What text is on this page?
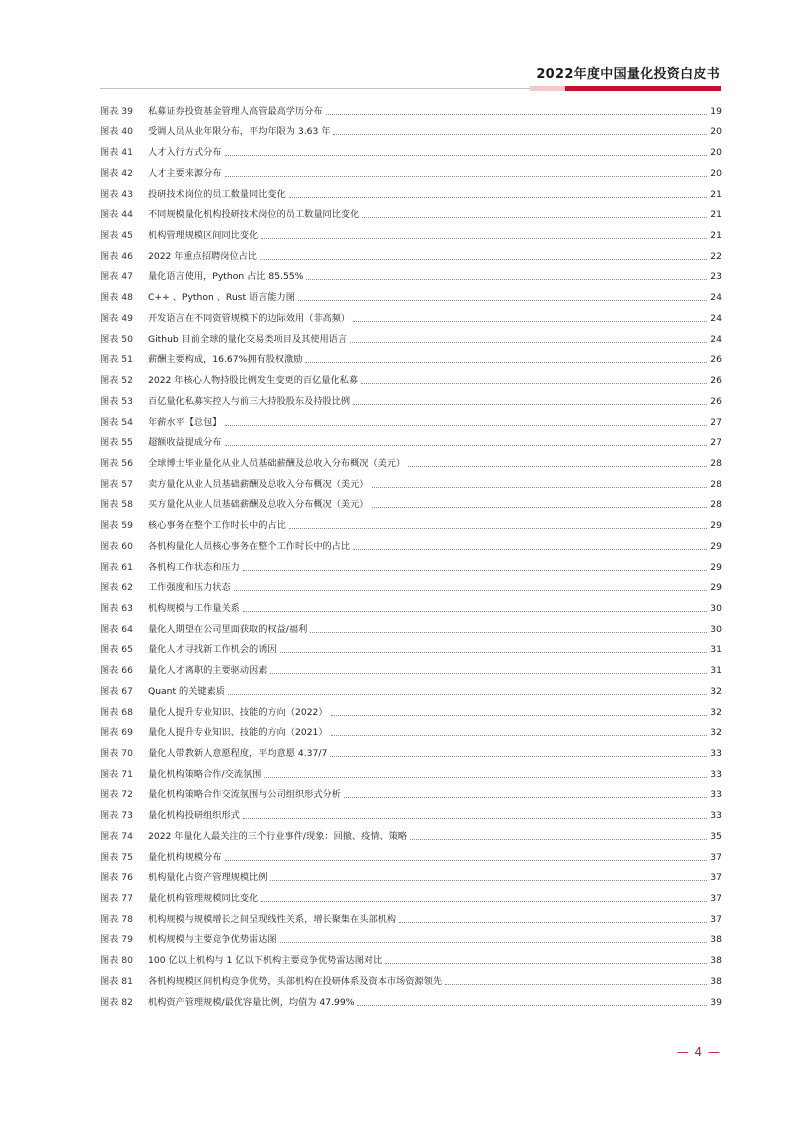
2022年度中国量化投资白皮书
图表 39	私募证券投资基金管理人高管最高学历分布	19
图表 40	受调人员从业年限分布，平均年限为 3.63 年	20
图表 41	人才入行方式分布	20
图表 42	人才主要来源分布	20
图表 43	投研技术岗位的员工数量同比变化	21
图表 44	不同规模量化机构投研技术岗位的员工数量同比变化	21
图表 45	机构管理规模区间同比变化	21
图表 46	2022 年重点招聘岗位占比	22
图表 47	量化语言使用，Python 占比 85.55%	23
图表 48	C++ 、Python 、Rust 语言能力图	24
图表 49	开发语言在不同资管规模下的边际效用（非高频）	24
图表 50	Github 目前全球的量化交易类项目及其使用语言	24
图表 51	薪酬主要构成，16.67%拥有股权激励	26
图表 52	2022 年核心人物持股比例发生变更的百亿量化私募	26
图表 53	百亿量化私募实控人与前三大持股股东及持股比例	26
图表 54	年薪水平【总包】	27
图表 55	超额收益提成分布	27
图表 56	全球博士毕业量化从业人员基础薪酬及总收入分布概况（美元）	28
图表 57	卖方量化从业人员基础薪酬及总收入分布概况（美元）	28
图表 58	买方量化从业人员基础薪酬及总收入分布概况（美元）	28
图表 59	核心事务在整个工作时长中的占比	29
图表 60	各机构量化人员核心事务在整个工作时长中的占比	29
图表 61	各机构工作状态和压力	29
图表 62	工作强度和压力状态	29
图表 63	机构规模与工作量关系	30
图表 64	量化人期望在公司里面获取的权益/福利	30
图表 65	量化人才寻找新工作机会的诱因	31
图表 66	量化人才离职的主要驱动因素	31
图表 67	Quant 的关键素质	32
图表 68	量化人提升专业知识、技能的方向（2022）	32
图表 69	量化人提升专业知识、技能的方向（2021）	32
图表 70	量化人带教新人意愿程度，平均意愿 4.37/7	33
图表 71	量化机构策略合作/交流氛围	33
图表 72	量化机构策略合作交流氛围与公司组织形式分析	33
图表 73	量化机构投研组织形式	33
图表 74	2022 年量化人最关注的三个行业事件/现象：回撤、疫情、策略	35
图表 75	量化机构规模分布	37
图表 76	机构量化占资产管理规模比例	37
图表 77	量化机构管理规模同比变化	37
图表 78	机构规模与规模增长之间呈现线性关系，增长聚集在头部机构	37
图表 79	机构规模与主要竞争优势雷达图	38
图表 80	100 亿以上机构与 1 亿以下机构主要竞争优势雷达图对比	38
图表 81	各机构规模区间机构竞争优势，头部机构在投研体系及资本市场资源领先	38
图表 82	机构资产管理规模/最优容量比例，均值为 47.99%	39
— 4 —
